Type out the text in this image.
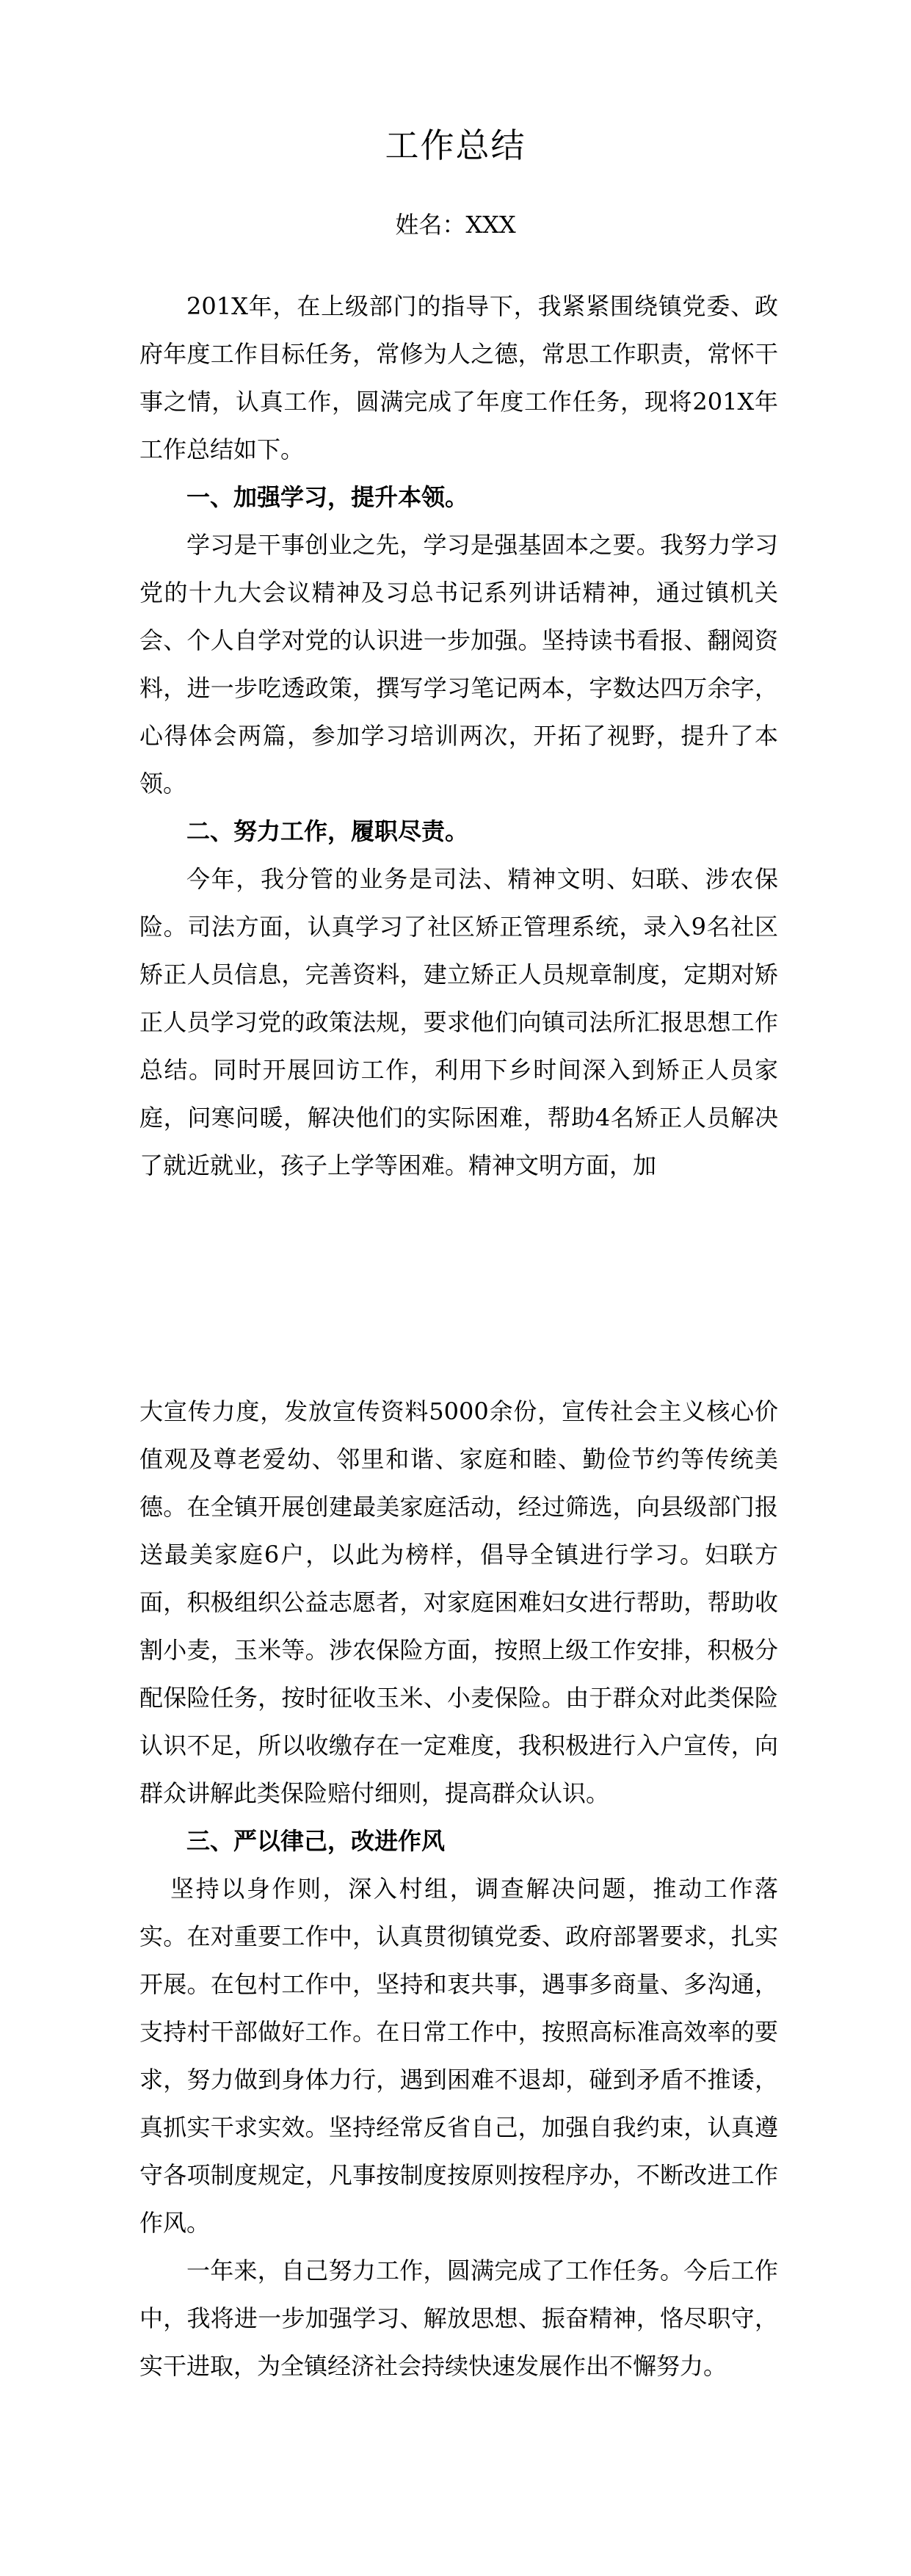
工作总结
姓名：XXX

201X年，在上级部门的指导下，我紧紧围绕镇党委、政府年度工作目标任务，常修为人之德，常思工作职责，常怀干事之情，认真工作，圆满完成了年度工作任务，现将201X年工作总结如下。

一、加强学习，提升本领。

学习是干事创业之先，学习是强基固本之要。我努力学习党的十九大会议精神及习总书记系列讲话精神，通过镇机关会、个人自学对党的认识进一步加强。坚持读书看报、翻阅资料，进一步吃透政策，撰写学习笔记两本，字数达四万余字，心得体会两篇，参加学习培训两次，开拓了视野，提升了本领。

二、努力工作，履职尽责。

今年，我分管的业务是司法、精神文明、妇联、涉农保险。司法方面，认真学习了社区矫正管理系统，录入9名社区矫正人员信息，完善资料，建立矫正人员规章制度，定期对矫正人员学习党的政策法规，要求他们向镇司法所汇报思想工作总结。同时开展回访工作，利用下乡时间深入到矫正人员家庭，问寒问暖，解决他们的实际困难，帮助4名矫正人员解决了就近就业，孩子上学等困难。精神文明方面，加

大宣传力度，发放宣传资料5000余份，宣传社会主义核心价值观及尊老爱幼、邻里和谐、家庭和睦、勤俭节约等传统美德。在全镇开展创建最美家庭活动，经过筛选，向县级部门报送最美家庭6户，以此为榜样，倡导全镇进行学习。妇联方面，积极组织公益志愿者，对家庭困难妇女进行帮助，帮助收割小麦，玉米等。涉农保险方面，按照上级工作安排，积极分配保险任务，按时征收玉米、小麦保险。由于群众对此类保险认识不足，所以收缴存在一定难度，我积极进行入户宣传，向群众讲解此类保险赔付细则，提高群众认识。

三、严以律己，改进作风

坚持以身作则，深入村组，调查解决问题，推动工作落实。在对重要工作中，认真贯彻镇党委、政府部署要求，扎实开展。在包村工作中，坚持和衷共事，遇事多商量、多沟通，支持村干部做好工作。在日常工作中，按照高标准高效率的要求，努力做到身体力行，遇到困难不退却，碰到矛盾不推诿，真抓实干求实效。坚持经常反省自己，加强自我约束，认真遵守各项制度规定，凡事按制度按原则按程序办，不断改进工作作风。

一年来，自己努力工作，圆满完成了工作任务。今后工作中，我将进一步加强学习、解放思想、振奋精神，恪尽职守，实干进取，为全镇经济社会持续快速发展作出不懈努力。
